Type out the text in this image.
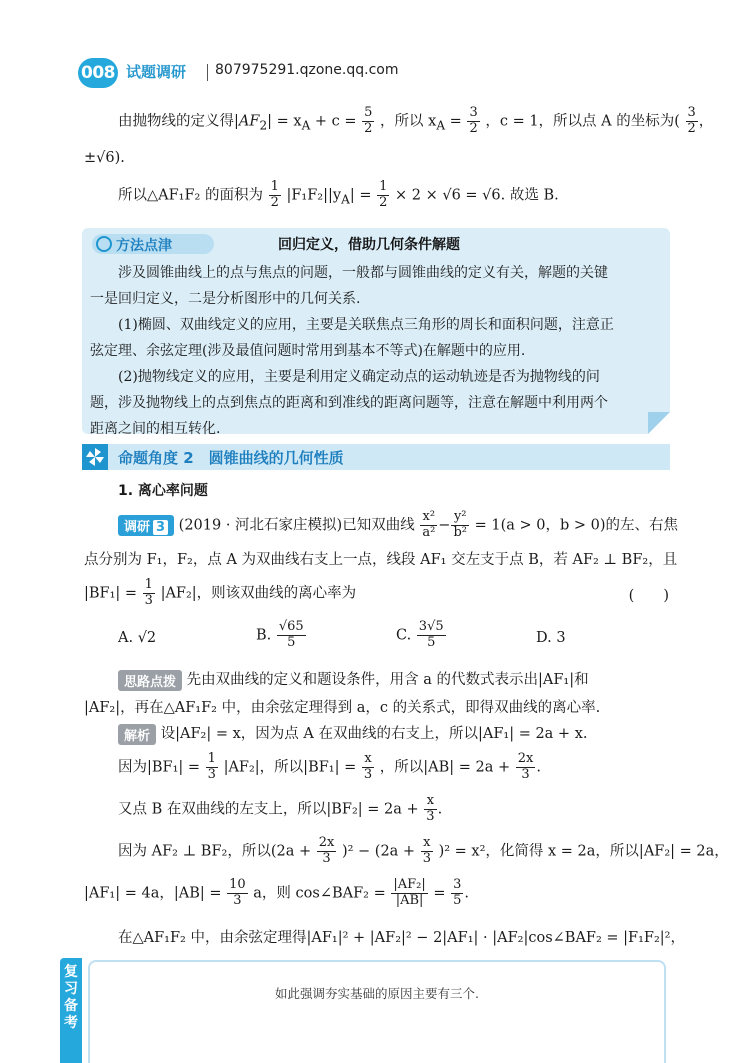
008 试题调研 807975291.qzone.qq.com
由抛物线的定义得$|AF_2| = x_A + c = \frac{5}{2}$ ，所以 $x_A = \frac{3}{2}$ ，c = 1，所以点 A 的坐标为( $\frac{3}{2}$ ，
±√6).
所以△AF₁F₂ 的面积为 $\frac{1}{2} |F_1F_2||y_A| = \frac{1}{2} \times 2 \times √6 = √6$. 故选 B.
方法点津	回归定义，借助几何条件解题
涉及圆锥曲线上的点与焦点的问题，一般都与圆锥曲线的定义有关，解题的关键
一是回归定义，二是分析图形中的几何关系.
(1)椭圆、双曲线定义的应用，主要是关联焦点三角形的周长和面积问题，注意正
弦定理、余弦定理(涉及最值问题时常用到基本不等式)在解题中的应用.
(2)抛物线定义的应用，主要是利用定义确定动点的运动轨迹是否为抛物线的问
题，涉及抛物线上的点到焦点的距离和到准线的距离问题等，注意在解题中利用两个
距离之间的相互转化.
命题角度 2　圆锥曲线的几何性质
1. 离心率问题
调研 3 (2019 · 河北石家庄模拟)已知双曲线 $\frac{\text{x²}}{\text{a²}} - \frac{\text{y²}}{\text{b²}} = 1(a > 0$，b > 0)的左、右焦
点分别为 F₁，F₂，点 A 为双曲线右支上一点，线段 AF₁ 交左支于点 B，若 AF₂ ⊥ BF₂，且
$|BF_1| = \frac{1}{3} |AF_2|$，则该双曲线的离心率为	(　　)
A. √2	B. $\frac{√65}{5}$	C. $\frac{3√5}{5}$	D. 3
思路点拨 先由双曲线的定义和题设条件，用含 a 的代数式表示出|AF₁|和
|AF₂|，再在△AF₁F₂ 中，由余弦定理得到 a，c 的关系式，即得双曲线的离心率.
解析 设|AF₂| = x，因为点 A 在双曲线的右支上，所以|AF₁| = 2a + x.
因为$|BF_1| = \frac{1}{3} |AF_2|$，所以$|BF_1| = \frac{x}{3}$ ，所以$|AB| = 2a + \frac{2x}{3}$ .
又点 B 在双曲线的左支上，所以$|BF_2| = 2a + \frac{x}{3}$ .
因为 AF₂ ⊥ BF₂，所以$(2a + \frac{2x}{3} )^2 - (2a + \frac{x}{3} )^2 = x^2$，化简得 x = 2a，所以|AF₂| = 2a，
|AF₁| = 4a，$|AB| = \frac{10}{3}$ a，则 cos∠BAF₂ = $\frac{\text{|AF₂|}}{|AB|} = \frac{3}{5}$ .
在△AF₁F₂ 中，由余弦定理得|AF₁|² + |AF₂|² − 2|AF₁| · |AF₂|cos∠BAF₂ = |F₁F₂|²，
复习备考
如此强调夯实基础的原因主要有三个.
